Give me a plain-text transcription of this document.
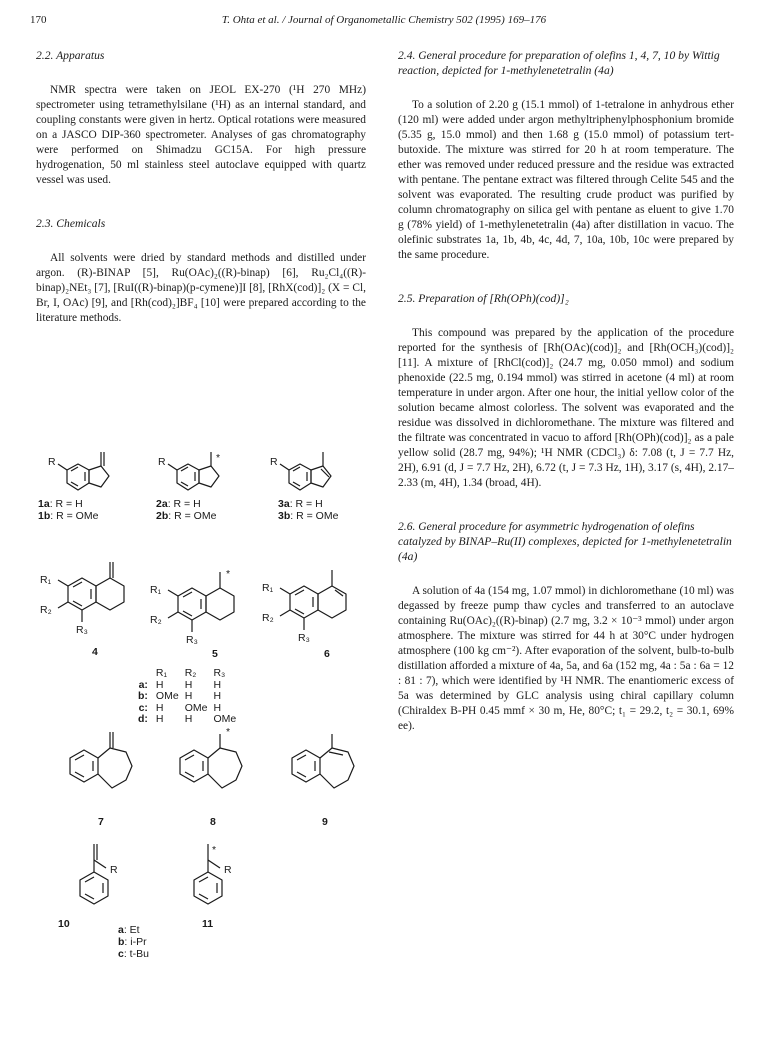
170	T. Ohta et al. / Journal of Organometallic Chemistry 502 (1995) 169–176
2.2. Apparatus

NMR spectra were taken on JEOL EX-270 (¹H 270 MHz) spectrometer using tetramethylsilane (¹H) as an internal standard, and coupling constants were given in hertz. Optical rotations were measured on a JASCO DIP-360 spectrometer. Analyses of gas chromatography were performed on Shimadzu GC15A. For high pressure hydrogenation, 50 ml stainless steel autoclave equipped with quartz vessel was used.

2.3. Chemicals

All solvents were dried by standard methods and distilled under argon. (R)-BINAP [5], Ru(OAc)₂((R)-binap) [6], Ru₂Cl₄((R)-binap)₂NEt₃ [7], [RuI((R)-binap)(p-cymene)]I [8], [RhX(cod)]₂ (X = Cl, Br, I, OAc) [9], and [Rh(cod)₂]BF₄ [10] were prepared according to the literature methods.

2.4. General procedure for preparation of olefins 1, 4, 7, 10 by Wittig reaction, depicted for 1-methylenetetralin (4a)

To a solution of 2.20 g (15.1 mmol) of 1-tetralone in anhydrous ether (120 ml) were added under argon methyltriphenylphosphonium bromide (5.35 g, 15.0 mmol) and then 1.68 g (15.0 mmol) of potassium tert-butoxide. The mixture was stirred for 20 h at room temperature. The ether was removed under reduced pressure and the residue was extracted with pentane. The pentane extract was filtered through Celite 545 and the solvent was evaporated. The resulting crude product was purified by column chromatography on silica gel with pentane as eluent to give 1.70 g (78% yield) of 1-methylenetetralin (4a) after distillation in vacuo. The olefinic substrates 1a, 1b, 4b, 4c, 4d, 7, 10a, 10b, 10c were prepared by the same procedure.

2.5. Preparation of [Rh(OPh)(cod)]₂

This compound was prepared by the application of the procedure reported for the synthesis of [Rh(OAc)(cod)]₂ and [Rh(OCH₃)(cod)]₂ [11]. A mixture of [RhCl(cod)]₂ (24.7 mg, 0.050 mmol) and sodium phenoxide (22.5 mg, 0.194 mmol) was stirred in acetone (4 ml) at room temperature in under argon. After one hour, the initial yellow color of the solution became almost colorless. The solvent was evaporated and the residue was dissolved in dichloromethane. The mixture was filtered and the filtrate was concentrated in vacuo to afford [Rh(OPh)(cod)]₂ as a pale yellow solid (28.7 mg, 94%); ¹H NMR (CDCl₃) δ: 7.08 (t, J = 7.7 Hz, 2H), 6.91 (d, J = 7.7 Hz, 2H), 6.72 (t, J = 7.3 Hz, 1H), 3.17 (s, 4H), 2.17–2.33 (m, 4H), 1.34 (broad, 4H).

2.6. General procedure for asymmetric hydrogenation of olefins catalyzed by BINAP–Ru(II) complexes, depicted for 1-methylenetetralin (4a)

A solution of 4a (154 mg, 1.07 mmol) in dichloromethane (10 ml) was degassed by freeze pump thaw cycles and transferred to an autoclave containing Ru(OAc)₂((R)-binap) (2.7 mg, 3.2 × 10⁻³ mmol) under argon atmosphere. The mixture was stirred for 44 h at 30°C under hydrogen atmosphere (100 kg cm⁻²). After evaporation of the solvent, bulb-to-bulb distillation afforded a mixture of 4a, 5a, and 6a (152 mg, 4a : 5a : 6a = 12 : 81 : 7), which were identified by ¹H NMR. The enantiomeric excess of 5a was determined by GLC analysis using chiral capillary column (Chiraldex B-PH 0.45 mmf × 30 m, He, 80°C; t₁ = 29.2, t₂ = 30.1, 69% ee).

R	R	*	R
1a: R = H
1b: R = OMe
2a: R = H
2b: R = OMe
3a: R = H
3b: R = OMe
R₁
R₂
R₃
4
R₁
R₂
R₃
*
5
R₁
R₂
R₃
6
	R₁	R₂	R₃
a:	H	H	H
b:	OMe	H	H
c:	H	OMe	H
d:	H	H	OMe
*
7	8	9
R	R
*
10	11
a: Et
b: i-Pr
c: t-Bu
